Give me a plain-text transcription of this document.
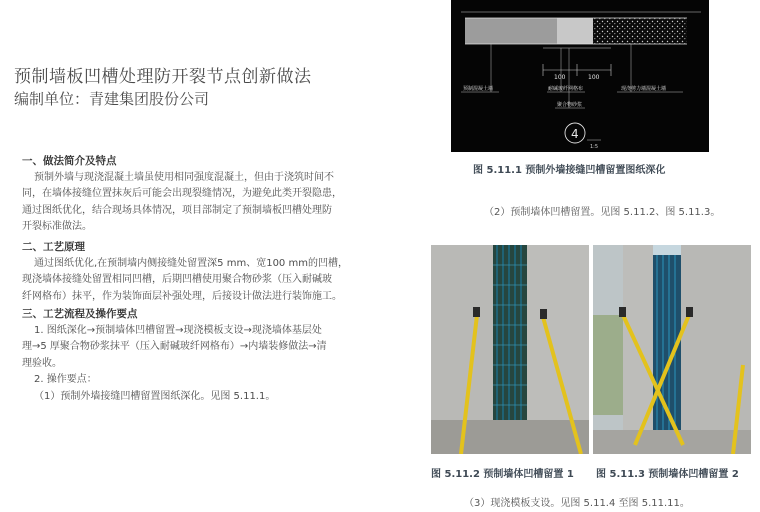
预制墙板凹槽处理防开裂节点创新做法
编制单位：青建集团股份公司
一、做法简介及特点
预制外墙与现浇混凝土墙虽使用相同强度混凝土，但由于浇筑时间不
同，在墙体接缝位置抹灰后可能会出现裂缝情况，为避免此类开裂隐患，
通过图纸优化，结合现场具体情况，项目部制定了预制墙板凹槽处理防
开裂标准做法。
二、工艺原理
通过图纸优化,在预制墙内侧接缝处留置深5 mm、宽100 mm的凹槽，
现浇墙体接缝处留置相同凹槽，后期凹槽使用聚合物砂浆（压入耐碱玻
纤网格布）抹平，作为装饰面层补强处理，后接设计做法进行装饰施工。
三、工艺流程及操作要点
1. 图纸深化→预制墙体凹槽留置→现浇模板支设→现浇墙体基层处
理→5 厚聚合物砂浆抹平（压入耐碱玻纤网格布）→内墙装修做法→清
理验收。
2. 操作要点：
（1）预制外墙接缝凹槽留置图纸深化。见图 5.11.1。
100	100
预制混凝土墙	耐碱玻纤网格布	现浇剪力墙混凝土墙
聚合物砂浆
4
1:5
图 5.11.1 预制外墙接缝凹槽留置图纸深化
（2）预制墙体凹槽留置。见图 5.11.2、图 5.11.3。
图 5.11.2 预制墙体凹槽留置 1 图 5.11.3 预制墙体凹槽留置 2
（3）现浇模板支设。见图 5.11.4 至图 5.11.11。
